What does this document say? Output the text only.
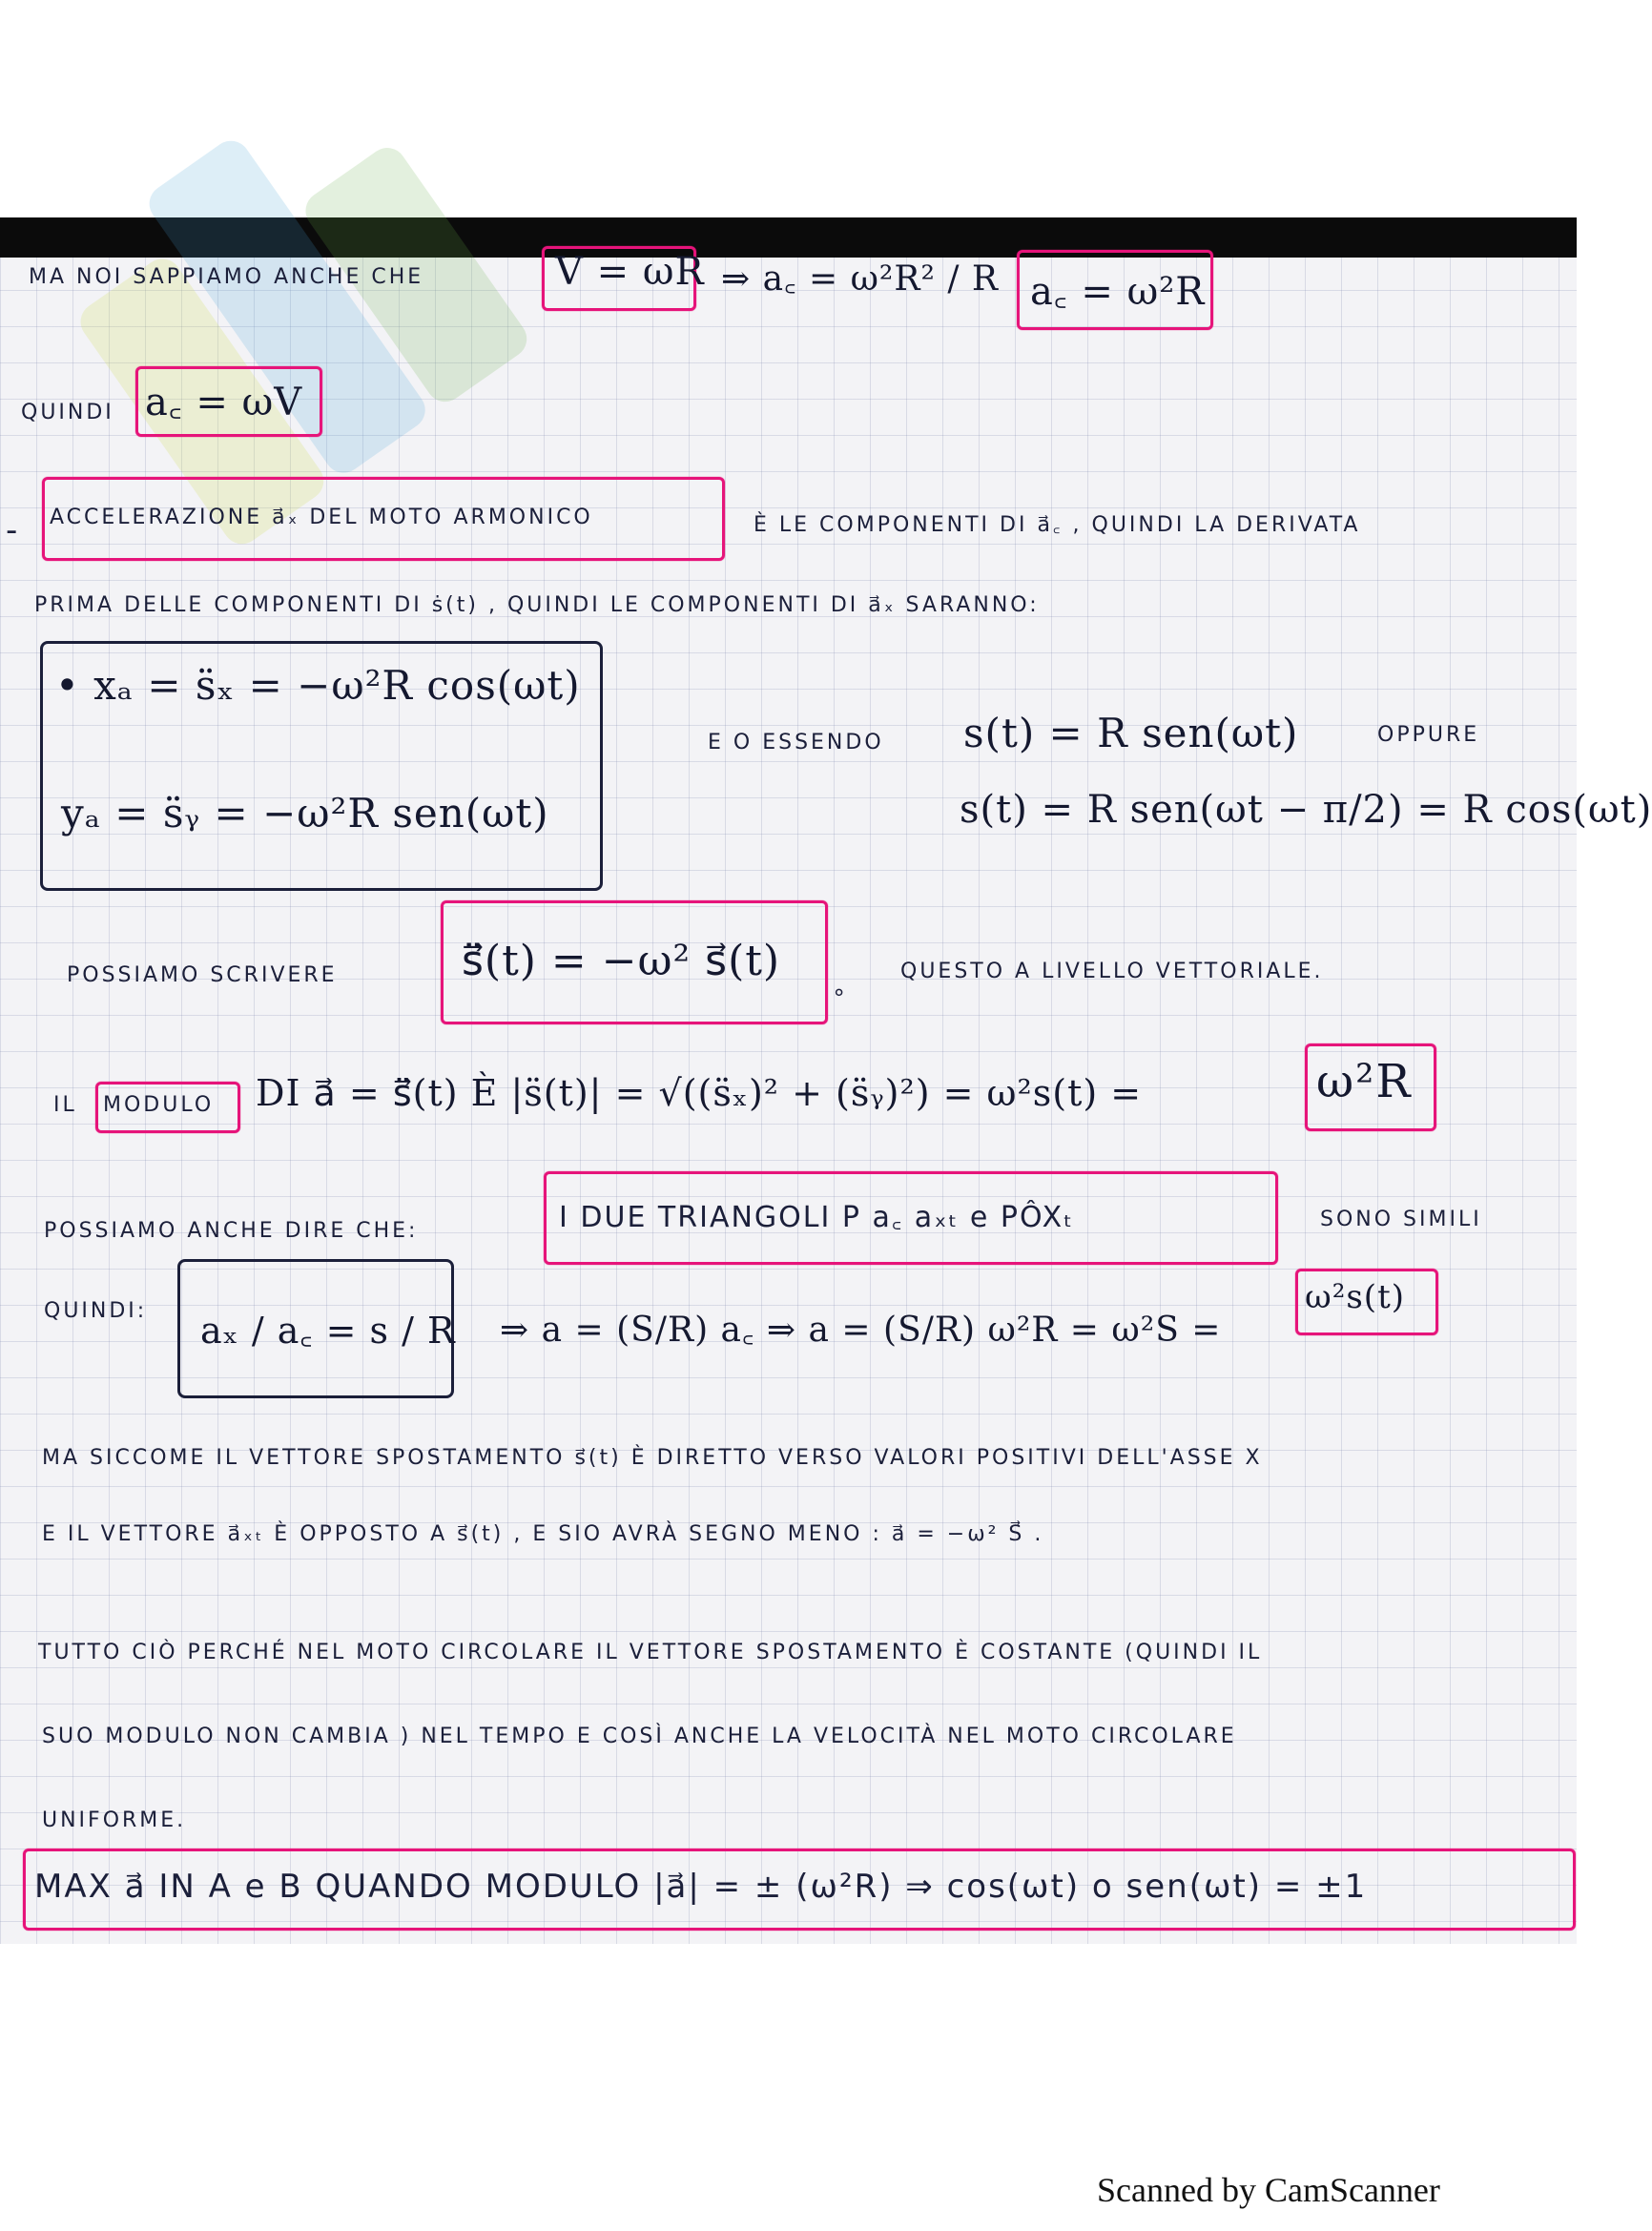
MA NOI SAPPIAMO ANCHE CHE	V = ωR ⇒ a꜀ = ω²R² / R a꜀ = ω²R
QUINDI a꜀ = ωV
- ACCELERAZIONE a⃗ₓ DEL MOTO ARMONICO	È LE COMPONENTI DI a⃗꜀ , QUINDI LA DERIVATA
PRIMA DELLE COMPONENTI DI ṡ(t) , QUINDI LE COMPONENTI DI a⃗ₓ SARANNO:
• xₐ = s̈ₓ = −ω²R cos(ωt)
yₐ = s̈ᵧ = −ω²R sen(ωt)
E O ESSENDO s(t) = R sen(ωt)	OPPURE
s(t) = R sen(ωt − π/2) = R cos(ωt)
POSSIAMO SCRIVERE	s̈⃗(t) = −ω² s⃗(t)
∘
QUESTO A LIVELLO VETTORIALE.
IL MODULO DI a⃗ = s̈⃗(t) È |s̈(t)| = √((s̈ₓ)² + (s̈ᵧ)²) = ω²s(t) =	ω²R
POSSIAMO ANCHE DIRE CHE:	I DUE TRIANGOLI P a꜀ aₓₜ e PÔXₜ	SONO SIMILI
QUINDI: aₓ / a꜀ = s / R ⇒ a = (S/R) a꜀ ⇒ a = (S/R) ω²R = ω²S =
ω²s(t)
MA SICCOME IL VETTORE SPOSTAMENTO s⃗(t) È DIRETTO VERSO VALORI POSITIVI DELL'ASSE X
E IL VETTORE a⃗ₓₜ È OPPOSTO A s⃗(t) , E SIO AVRÀ SEGNO MENO : a⃗ = −ω² S⃗ .
TUTTO CIÒ PERCHÉ NEL MOTO CIRCOLARE IL VETTORE SPOSTAMENTO È COSTANTE (QUINDI IL
SUO MODULO NON CAMBIA ) NEL TEMPO E COSÌ ANCHE LA VELOCITÀ NEL MOTO CIRCOLARE
UNIFORME.
MAX a⃗ IN A e B QUANDO MODULO |a⃗| = ± (ω²R) ⇒ cos(ωt) o sen(ωt) = ±1
Scanned by CamScanner
